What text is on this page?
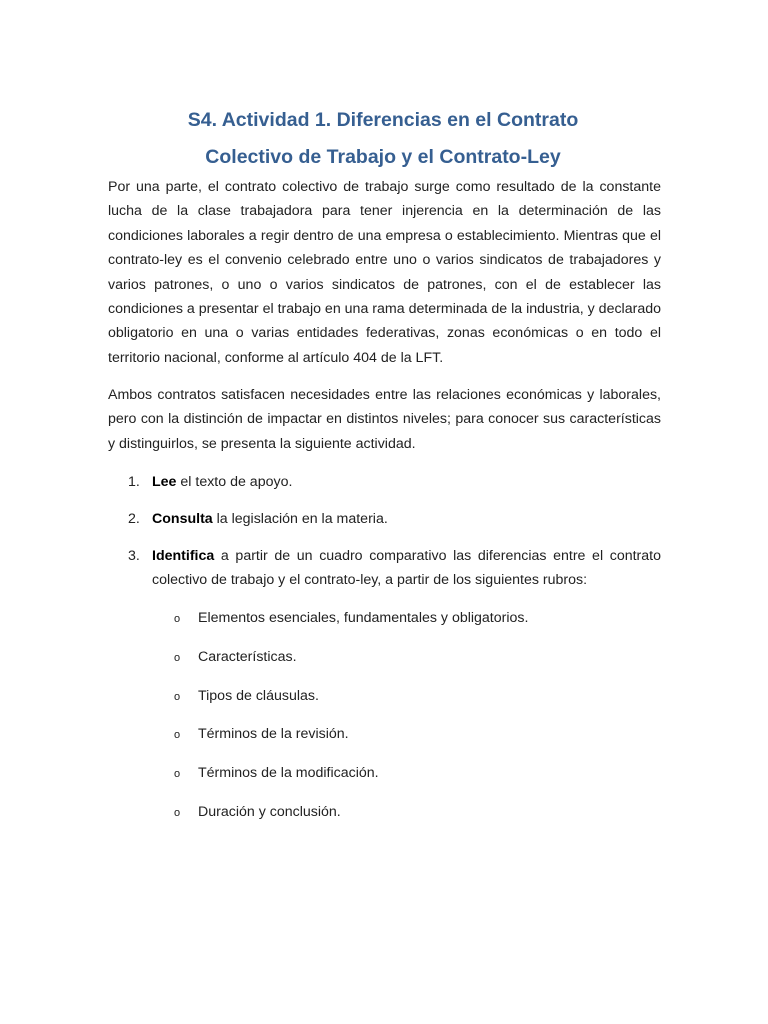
S4. Actividad 1. Diferencias en el Contrato
Colectivo de Trabajo y el Contrato-Ley

Por una parte, el contrato colectivo de trabajo surge como resultado de la constante lucha de la clase trabajadora para tener injerencia en la determinación de las condiciones laborales a regir dentro de una empresa o establecimiento. Mientras que el contrato-ley es el convenio celebrado entre uno o varios sindicatos de trabajadores y varios patrones, o uno o varios sindicatos de patrones, con el de establecer las condiciones a presentar el trabajo en una rama determinada de la industria, y declarado obligatorio en una o varias entidades federativas, zonas económicas o en todo el territorio nacional, conforme al artículo 404 de la LFT.

Ambos contratos satisfacen necesidades entre las relaciones económicas y laborales, pero con la distinción de impactar en distintos niveles; para conocer sus características y distinguirlos, se presenta la siguiente actividad.

1. Lee el texto de apoyo.
2. Consulta la legislación en la materia.
3. Identifica a partir de un cuadro comparativo las diferencias entre el contrato colectivo de trabajo y el contrato-ley, a partir de los siguientes rubros:
o Elementos esenciales, fundamentales y obligatorios.
o Características.
o Tipos de cláusulas.
o Términos de la revisión.
o Términos de la modificación.
o Duración y conclusión.
